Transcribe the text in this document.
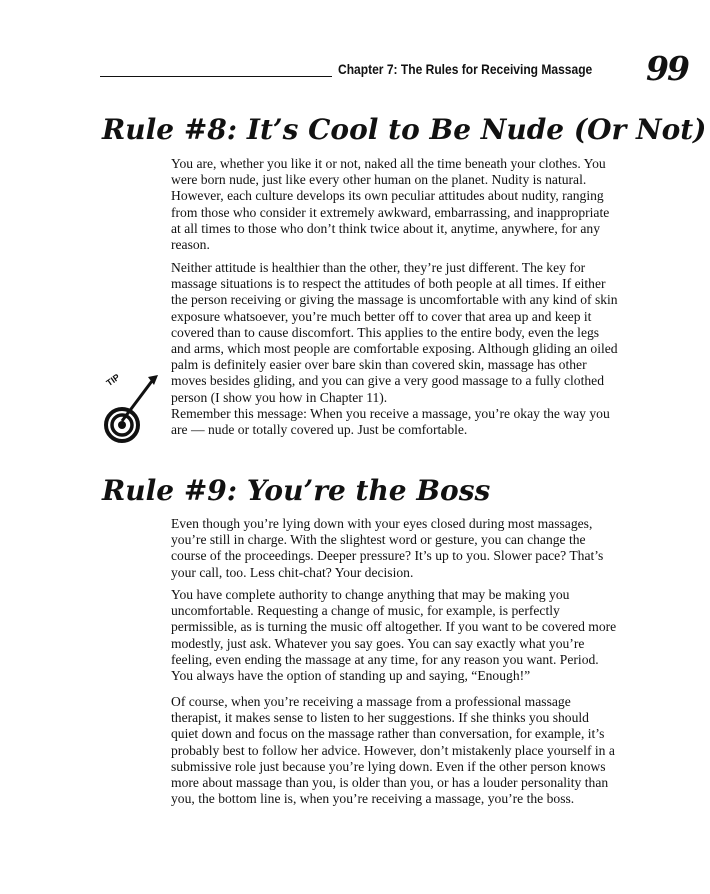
Chapter 7: The Rules for Receiving Massage 99
Rule #8: It’s Cool to Be Nude (Or Not)

You are, whether you like it or not, naked all the time beneath your clothes. You were born nude, just like every other human on the planet. Nudity is natural. However, each culture develops its own peculiar attitudes about nudity, ranging from those who consider it extremely awkward, embarrassing, and inappropriate at all times to those who don’t think twice about it, anytime, anywhere, for any reason.

Neither attitude is healthier than the other, they’re just different. The key for massage situations is to respect the attitudes of both people at all times. If either the person receiving or giving the massage is uncomfortable with any kind of skin exposure whatsoever, you’re much better off to cover that area up and keep it covered than to cause discomfort. This applies to the entire body, even the legs and arms, which most people are comfortable exposing. Although gliding an oiled palm is definitely easier over bare skin than covered skin, massage has other moves besides gliding, and you can give a very good massage to a fully clothed person (I show you how in Chapter 11).

TIP

Remember this message: When you receive a massage, you’re okay the way you are — nude or totally covered up. Just be comfortable.

Rule #9: You’re the Boss

Even though you’re lying down with your eyes closed during most massages, you’re still in charge. With the slightest word or gesture, you can change the course of the proceedings. Deeper pressure? It’s up to you. Slower pace? That’s your call, too. Less chit-chat? Your decision.

You have complete authority to change anything that may be making you uncomfortable. Requesting a change of music, for example, is perfectly permissible, as is turning the music off altogether. If you want to be covered more modestly, just ask. Whatever you say goes. You can say exactly what you’re feeling, even ending the massage at any time, for any reason you want. Period. You always have the option of standing up and saying, “Enough!”

Of course, when you’re receiving a massage from a professional massage therapist, it makes sense to listen to her suggestions. If she thinks you should quiet down and focus on the massage rather than conversation, for example, it’s probably best to follow her advice. However, don’t mistakenly place yourself in a submissive role just because you’re lying down. Even if the other person knows more about massage than you, is older than you, or has a louder personality than you, the bottom line is, when you’re receiving a massage, you’re the boss.
